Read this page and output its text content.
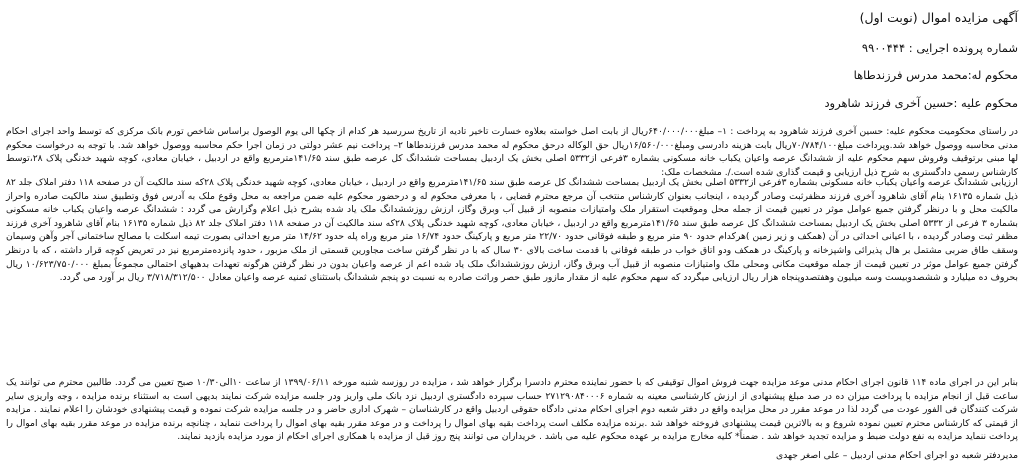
آگهی مزایده اموال (نوبت اول)
شماره پرونده اجرایی : ۹۹۰۰۴۴۴
محکوم له:محمد مدرس فرزندطاها
محکوم علیه :حسین آخری فرزند شاهرود

در راستای محکومیت محکوم علیه: حسین آخری فرزند شاهرود به پرداخت : ۱– مبلغ۶۴۰/۰۰۰/۰۰۰ریال از بابت اصل خواسته بعلاوه خسارت تاخیر تادیه از تاریخ سررسید هر کدام از چکها الی یوم الوصول براساس شاخص تورم بانک مرکزی که توسط واحد اجرای احکام مدنی محاسبه ووصول خواهد شد.وپرداخت مبلغ۷۰/۷۸۴/۱۰۰ریال بابت هزینه دادرسی ومبلغ۱۶/۵۶۰/۰۰۰ریال حق الوکاله درحق محکوم له محمد مدرس فرزندطاها ۲– پرداخت نیم عشر دولتی در زمان اجرا حکم محاسبه ووصول خواهد شد. با توجه به درخواست محکوم لها مبنی برتوقیف وفروش سهم محکوم علیه از ششدانگ عرصه واعیان یکباب خانه مسکونی بشماره ۳فرعی از۵۳۳۲ اصلی بخش یک اردبیل بمساحت ششدانگ کل عرصه طبق سند ۱۴۱/۶۵مترمربع واقع در اردبیل ، خیابان معادی، کوچه شهید خدنگی پلاک ۲۸،توسط کارشناس رسمی دادگستری به شرح ذیل ارزیابی و قیمت گذاری شده است./. مشخصات ملک:

ارزیابی ششدانگ عرصه واعیان یکباب خانه مسکونی بشماره ۳فرعی از۵۳۳۲ اصلی بخش یک اردبیل بمساحت ششدانگ کل عرصه طبق سند ۱۴۱/۶۵مترمربع واقع در اردبیل ، خیابان معادی، کوچه شهید خدنگی پلاک ۲۸که سند مالکیت آن در صفحه ۱۱۸ دفتر املاک جلد ۸۲ ذیل شماره ۱۶۱۳۵ بنام آقای شاهرود آخری فرزند مظفرثبت وصادر گردیده ، اینجانب بعنوان کارشناس منتخب آن مرجع محترم قضایی ، با معرفی محکوم له و درحضور محکوم علیه ضمن مراجعه به محل وقوع ملک به آدرس فوق وتطبیق سند مالکیت صادره واحراز مالکیت محل و با درنظر گرفتن جمیع عوامل موثر در تعیین قیمت از جمله محل وموقعیت استقرار ملک وامتیازات منصوبه از قبیل آب وبرق وگاز، ارزش روزششدانگ ملک یاد شده بشرح ذیل اعلام وگزارش می گردد : ششدانگ عرصه واعیان یکباب خانه مسکونی بشماره ۳ فرعی از ۵۳۳۲ اصلی بخش یک اردبیل بمساحت ششدانگ کل عرصه طبق سند ۱۴۱/۶۵مترمربع واقع در اردبیل ، خیابان معادی، کوچه شهید خدنگی پلاک ۲۸که سند مالکیت آن در صفحه ۱۱۸ دفتر املاک جلد ۸۲ ذیل شماره ۱۶۱۳۵ بنام آقای شاهرود آخری فرزند مظفر ثبت وصادر گردیده ، با اعیانی احداثی در آن (همکف و زیر زمین )هرکدام حدود ۹۰ متر مربع و طبقه فوقانی حدود ۲۲/۷۰ متر مربع و پارکینگ حدود ۱۶/۷۴ متر مربع وراه پله حدود ۱۴/۶۲ متر مربع احداثی بصورت تیمه اسکلت با مصالح ساختمانی آجر وآهن وسیمان وسقف طاق ضربی مشتمل بر هال پذیرائی واشپزخانه و پارکینگ در همکف ودو اتاق خواب در طبقه فوقانی با قدمت ساخت بالای ۳۰ سال که با در نظر گرفتن ساخت مجاورین قسمتی از ملک مزبور ، حدود پانزده‌مترمربع نیز در تعریض کوچه قرار داشته ، که با درنظر گرفتن جمیع عوامل موثر در تعیین قیمت از جمله موقعیت مکانی ومحلی ملک وامتیازات منصوبه از قبیل آب وبرق وگاز، ارزش روزششدانگ ملک یاد شده اعم از عرصه واعیان بدون در نظر گرفتن هرگونه تعهدات بدهیهای احتمالی مجموعاً بمبلغ ۱۰/۶۲۳/۷۵۰/۰۰۰ ریال بحروف ده میلیارد و ششصدوبیست وسه میلیون وهفتصدوپنجاه هزار ریال ارزیابی میگردد که سهم محکوم علیه از مقدار مازور طبق حصر وراثت صادره به نسبت دو پنجم ششدانگ باستثنای ثمنیه عرصه واعیان معادل ۳/۷۱۸/۳۱۲/۵۰۰ ریال بر آورد می گردد.

بنابر این در اجرای ماده ۱۱۴ قانون اجرای احکام مدنی موعد مزایده جهت فروش اموال توقیفی که با حضور نماینده محترم دادسرا برگزار خواهد شد ، مزایده در روزسه شنبه مورخه ۱۳۹۹/۰۶/۱۱ از ساعت ۱۰الی۱۰/۳۰ صبح تعیین می گردد. طالبین محترم می توانند یک ساعت قبل از انجام مزایده با پرداخت میزان ده در صد مبلغ پیشنهادی از ارزش کارشناسی معینه به شماره ۲۷۱۲۹۰۸۴۰۰۰۶ حساب سپرده دادگستری اردبیل نزد بانک ملی واریز ودر جلسه مزایده شرکت نمایند بدیهی است به استثناء برنده مزایده ، وجه واریزی سایر شرکت کنندگان فی الفور عودت می گردد لذا در موعد مقرر در محل مزایده واقع در دفتر شعبه دوم اجرای احکام مدنی دادگاه حقوقی اردبیل واقع در کارشناسان – شهرک اداری حاضر و در جلسه مزایده شرکت نموده و قیمت پیشنهادی خودشان را اعلام نمایند . مزایده از قیمتی که کارشناس محترم تعیین نموده شروع و به بالاترین قیمت پیشنهادی فروخته خواهد شد .برنده مزایده مکلف است پرداخت بقیه بهای اموال را پرداخت و در موعد مقرر بقیه بهای اموال را پرداخت ننماید ، چنانچه برنده مزایده در موعد مقرر بقیه بهای اموال را پرداخت ننماید مزایده به نفع دولت ضبط و مزایده تجدید خواهد شد . ضمناً* کلیه مخارج مزایده بر عهده محکوم علیه می باشد . خریداران می توانند پنج روز قبل از مزایده با همکاری اجرای احکام از مورد مزایده بازدید نمایند.

مدیردفتر شعبه دو اجرای احکام مدنی اردبیل – علی اصغر جهدی
